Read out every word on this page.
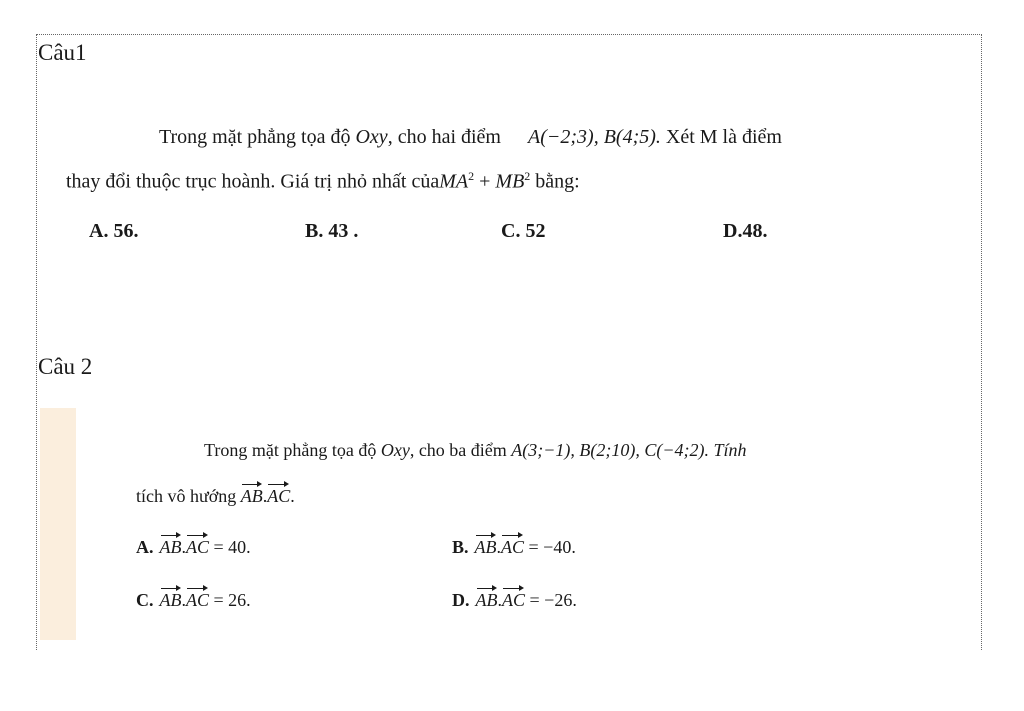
Câu1
Trong mặt phẳng tọa độ Oxy, cho hai điểm A(−2;3), B(4;5). Xét M là điểm
thay đổi thuộc trục hoành. Giá trị nhỏ nhất củaMA$^2$ + $MB^2$ bằng:
A. 56.	B. 43 .	C. 52	D.48.
Câu 2
Trong mặt phẳng tọa độ Oxy, cho ba điểm A(3;−1), B(2;10), C(−4;2). Tính
tích vô hướng AB.AC.
A. AB.AC = 40.	B. AB.AC = −40.
C. AB.AC = 26.	D. AB.AC = −26.
